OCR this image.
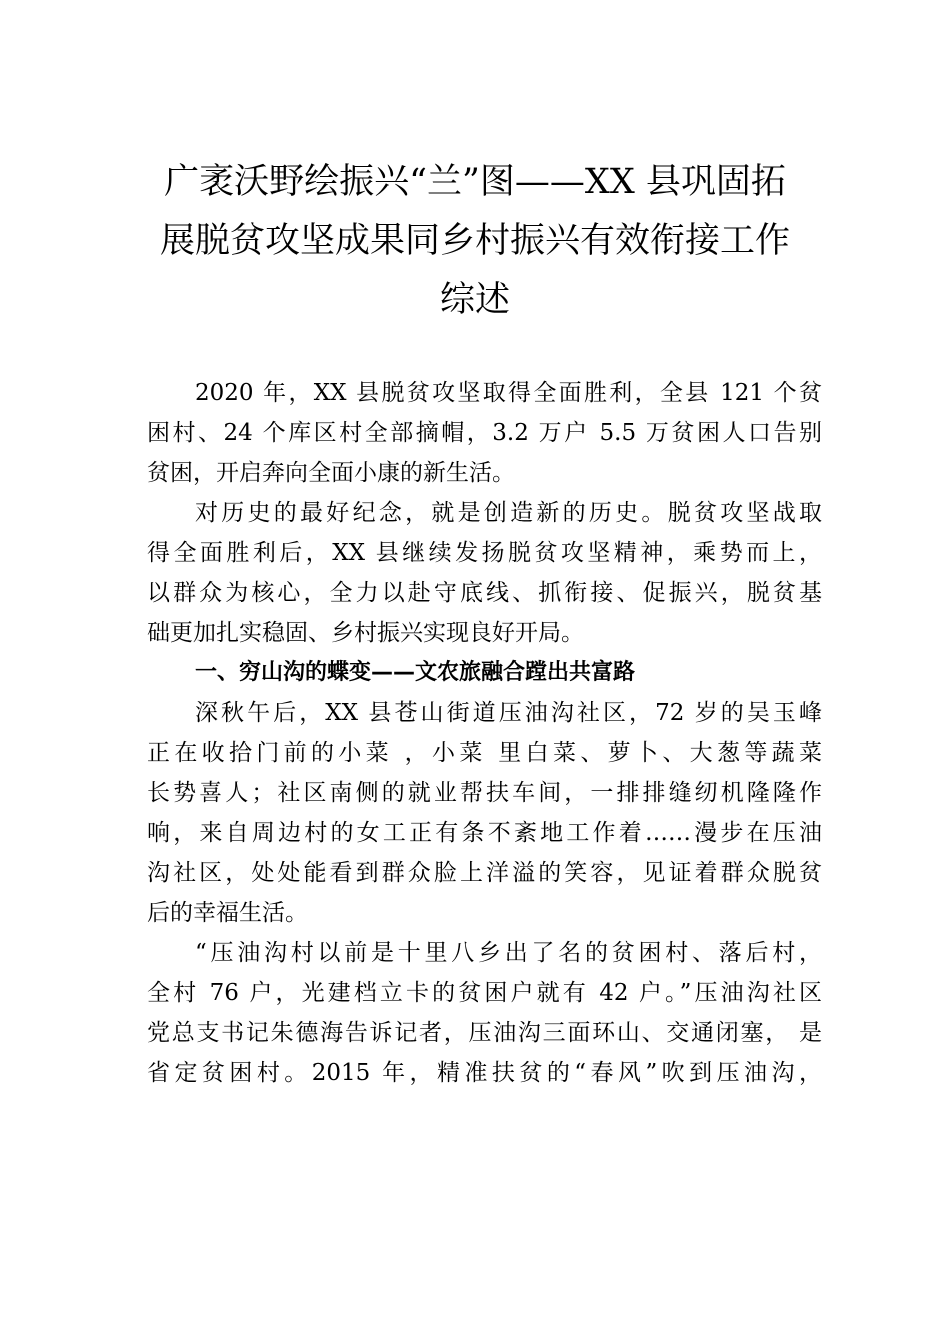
广袤沃野绘振兴“兰”图——XX 县巩固拓
展脱贫攻坚成果同乡村振兴有效衔接工作
综述
2020 年，XX 县脱贫攻坚取得全面胜利，全县 121 个贫
困村、24 个库区村全部摘帽，3.2 万户 5.5 万贫困人口告别
贫困，开启奔向全面小康的新生活。
对历史的最好纪念，就是创造新的历史。脱贫攻坚战取
得全面胜利后，XX 县继续发扬脱贫攻坚精神，乘势而上，
以群众为核心，全力以赴守底线、抓衔接、促振兴，脱贫基
础更加扎实稳固、乡村振兴实现良好开局。
一、穷山沟的蝶变——文农旅融合蹚出共富路
深秋午后，XX 县苍山街道压油沟社区，72 岁的吴玉峰
正在收拾门前的小菜 ，小菜 里白菜、萝卜、大葱等蔬菜
长势喜人；社区南侧的就业帮扶车间，一排排缝纫机隆隆作
响，来自周边村的女工正有条不紊地工作着……漫步在压油
沟社区，处处能看到群众脸上洋溢的笑容，见证着群众脱贫
后的幸福生活。
“压油沟村以前是十里八乡出了名的贫困村、落后村，
全村 76 户，光建档立卡的贫困户就有 42 户。”压油沟社区
党总支书记朱德海告诉记者，压油沟三面环山、交通闭塞， 是
省定贫困村。2015 年，精准扶贫的“春风”吹到压油沟，
